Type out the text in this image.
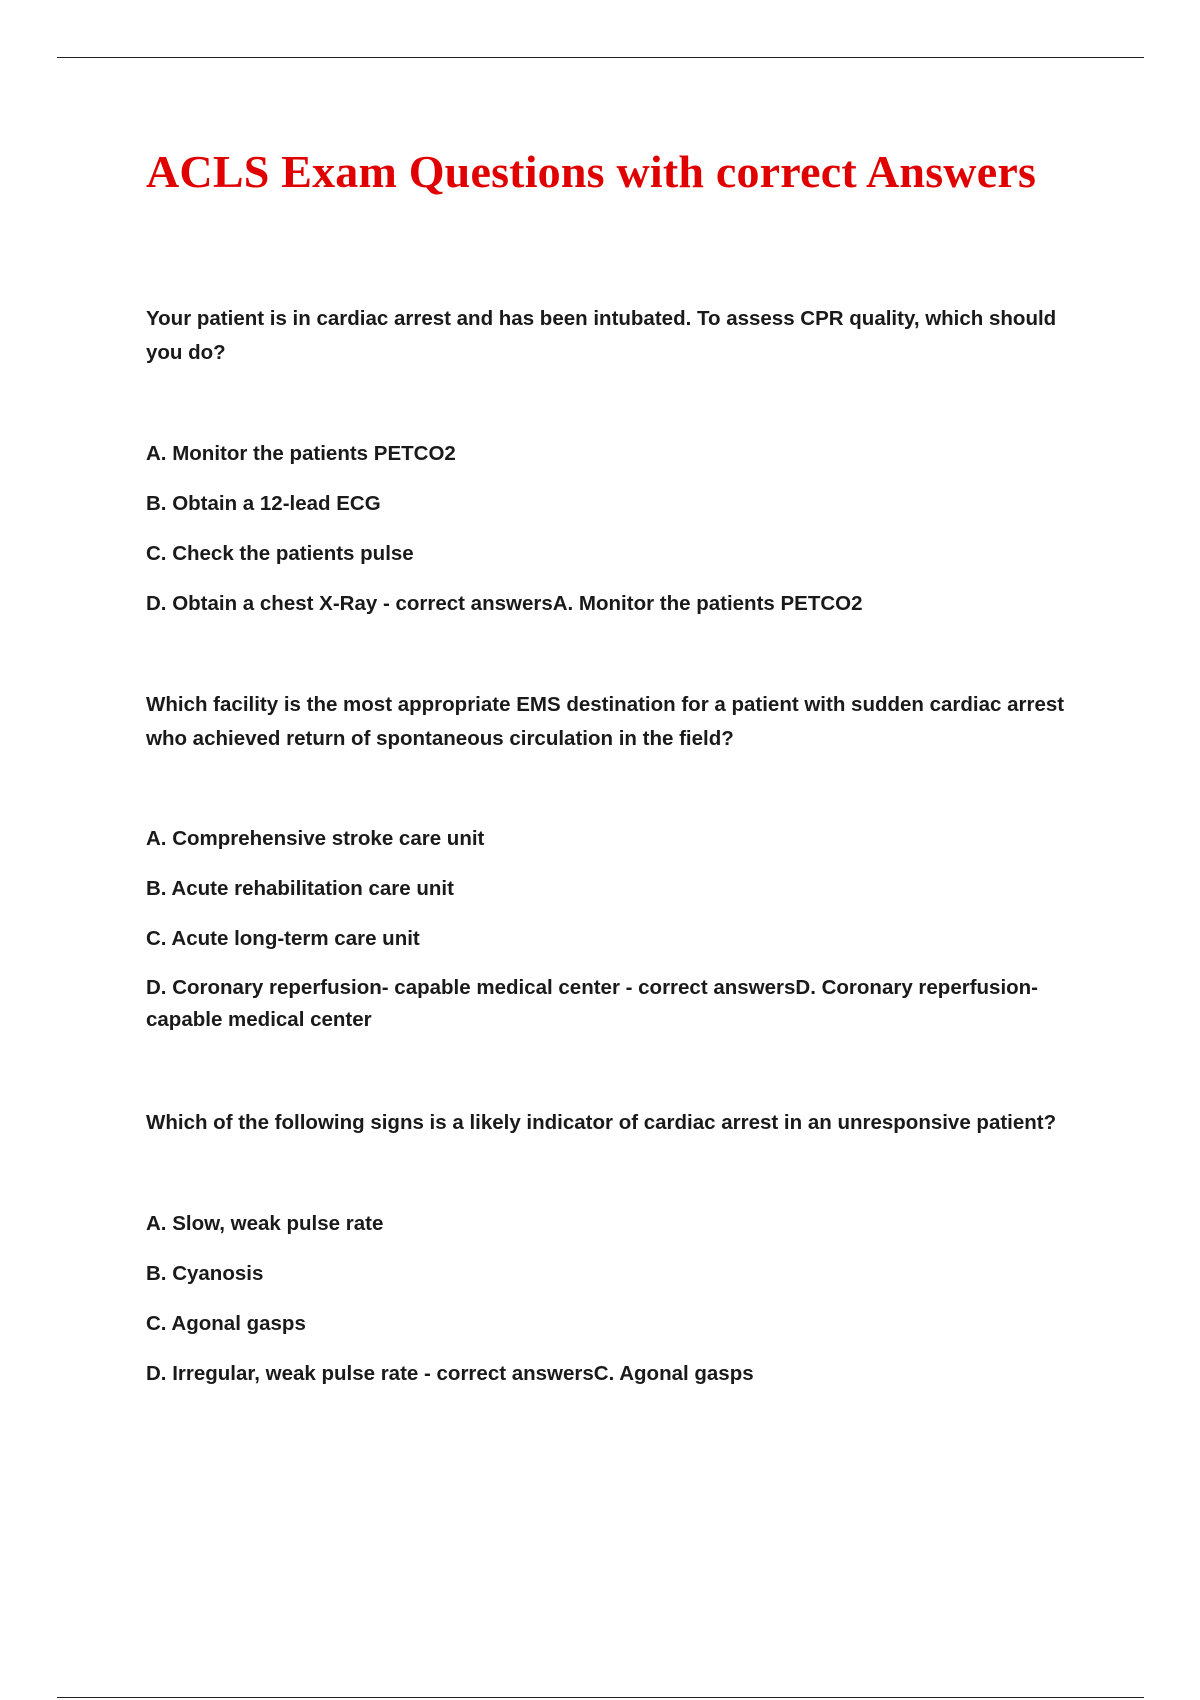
ACLS Exam Questions with correct Answers

Your patient is in cardiac arrest and has been intubated. To assess CPR quality, which should you do?

A. Monitor the patients PETCO2
B. Obtain a 12-lead ECG
C. Check the patients pulse
D. Obtain a chest X-Ray - correct answersA. Monitor the patients PETCO2

Which facility is the most appropriate EMS destination for a patient with sudden cardiac arrest who achieved return of spontaneous circulation in the field?

A. Comprehensive stroke care unit
B. Acute rehabilitation care unit
C. Acute long-term care unit
D. Coronary reperfusion- capable medical center - correct answersD. Coronary reperfusion-capable medical center

Which of the following signs is a likely indicator of cardiac arrest in an unresponsive patient?

A. Slow, weak pulse rate
B. Cyanosis
C. Agonal gasps
D. Irregular, weak pulse rate - correct answersC. Agonal gasps
